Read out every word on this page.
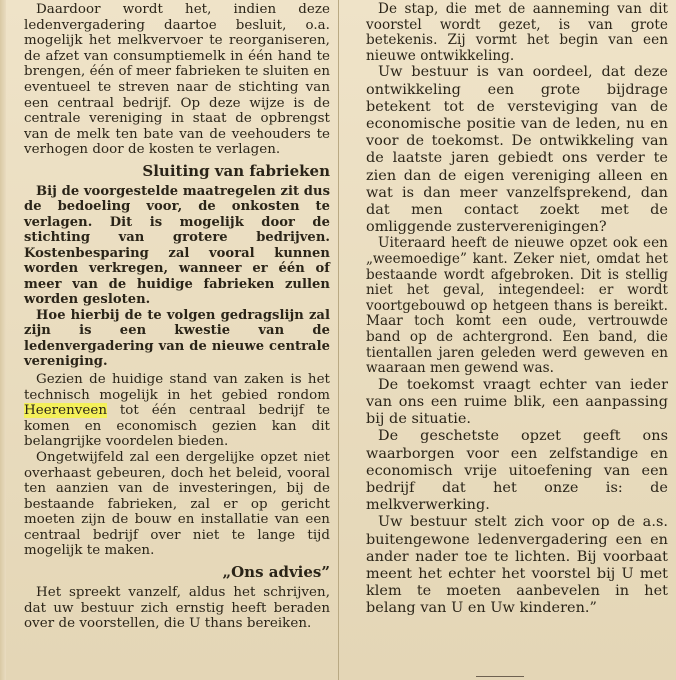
Daardoor wordt het, indien deze ledenvergadering daartoe besluit, o.a. mogelijk het melkvervoer te reorganiseren, de afzet van consumptiemelk in één hand te brengen, één of meer fabrieken te sluiten en eventueel te streven naar de stichting van een centraal bedrijf. Op deze wijze is de centrale vereniging in staat de opbrengst van de melk ten bate van de veehouders te verhogen door de kosten te verlagen.

Sluiting van fabrieken

Bij de voorgestelde maatregelen zit dus de bedoeling voor, de onkosten te verlagen. Dit is mogelijk door de stichting van grotere bedrijven. Kostenbesparing zal vooral kunnen worden verkregen, wanneer er één of meer van de huidige fabrieken zullen worden gesloten.

Hoe hierbij de te volgen gedragslijn zal zijn is een kwestie van de ledenvergadering van de nieuwe centrale vereniging.

Gezien de huidige stand van zaken is het technisch mogelijk in het gebied rondom Heerenveen tot één centraal bedrijf te komen en economisch gezien kan dit belangrijke voordelen bieden.

Ongetwijfeld zal een dergelijke opzet niet overhaast gebeuren, doch het beleid, vooral ten aanzien van de investeringen, bij de bestaande fabrieken, zal er op gericht moeten zijn de bouw en installatie van een centraal bedrijf over niet te lange tijd mogelijk te maken.

„Ons advies”

Het spreekt vanzelf, aldus het schrijven, dat uw bestuur zich ernstig heeft beraden over de voorstellen, die U thans bereiken.

De stap, die met de aanneming van dit voorstel wordt gezet, is van grote betekenis. Zij vormt het begin van een nieuwe ontwikkeling.

Uw bestuur is van oordeel, dat deze ontwikkeling een grote bijdrage betekent tot de versteviging van de economische positie van de leden, nu en voor de toekomst. De ontwikkeling van de laatste jaren gebiedt ons verder te zien dan de eigen vereniging alleen en wat is dan meer vanzelfsprekend, dan dat men contact zoekt met de omliggende zusterverenigingen?

Uiteraard heeft de nieuwe opzet ook een „weemoedige” kant. Zeker niet, omdat het bestaande wordt afgebroken. Dit is stellig niet het geval, integendeel: er wordt voortgebouwd op hetgeen thans is bereikt. Maar toch komt een oude, vertrouwde band op de achtergrond. Een band, die tientallen jaren geleden werd geweven en waaraan men gewend was.

De toekomst vraagt echter van ieder van ons een ruime blik, een aanpassing bij de situatie.

De geschetste opzet geeft ons waarborgen voor een zelfstandige en economisch vrije uitoefening van een bedrijf dat het onze is: de melkverwerking.

Uw bestuur stelt zich voor op de a.s. buitengewone ledenvergadering een en ander nader toe te lichten. Bij voorbaat meent het echter het voorstel bij U met klem te moeten aanbevelen in het belang van U en Uw kinderen.”
